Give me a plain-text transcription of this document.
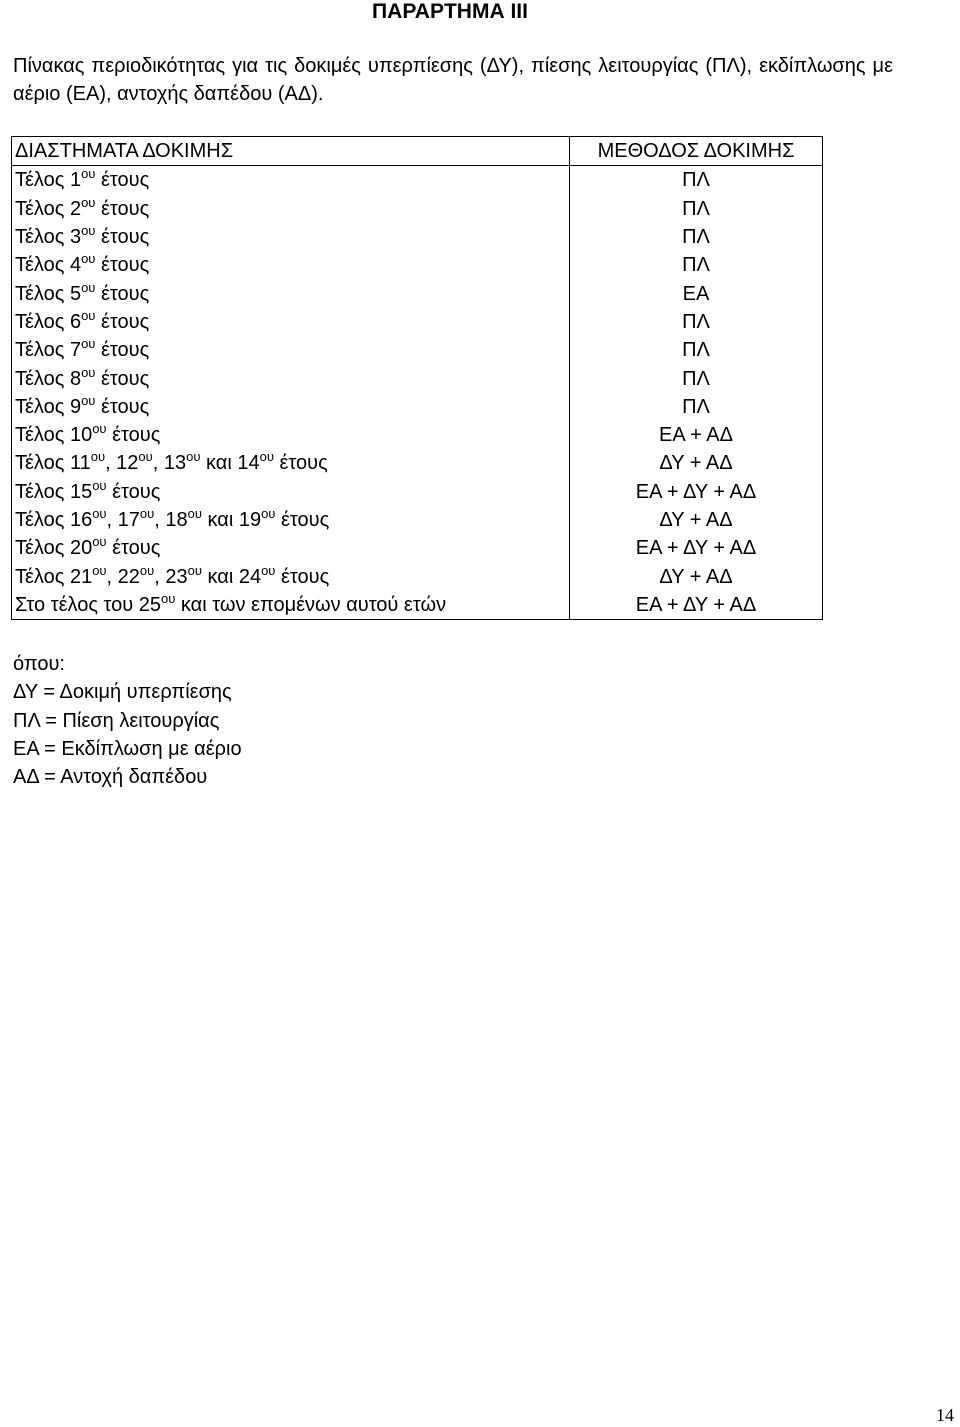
ΠΑΡΑΡΤΗΜΑ III
Πίνακας περιοδικότητας για τις δοκιμές υπερπίεσης (ΔΥ), πίεσης λειτουργίας (ΠΛ), εκδίπλωσης με αέριο (ΕΑ), αντοχής δαπέδου (ΑΔ).
ΔΙΑΣΤΗΜΑΤΑ ΔΟΚΙΜΗΣ	ΜΕΘΟΔΟΣ ΔΟΚΙΜΗΣ
Τέλος $1^{o\upsilon}$ έτους	ΠΛ
Τέλος $2^{o\upsilon}$ έτους	ΠΛ
Τέλος $3^{o\upsilon}$ έτους	ΠΛ
Τέλος $4^{o\upsilon}$ έτους	ΠΛ
Τέλος $5^{o\upsilon}$ έτους	ΕΑ
Τέλος $6^{o\upsilon}$ έτους	ΠΛ
Τέλος $7^{o\upsilon}$ έτους	ΠΛ
Τέλος $8^{o\upsilon}$ έτους	ΠΛ
Τέλος $9^{o\upsilon}$ έτους	ΠΛ
Τέλος $10^{o\upsilon}$ έτους	ΕΑ + ΑΔ
Τέλος $11^{o\upsilon}$, $12^{o\upsilon}$, $13^{o\upsilon}$ και $14^{o\upsilon}$ έτους	ΔΥ + ΑΔ
Τέλος $15^{o\upsilon}$ έτους	ΕΑ + ΔΥ + ΑΔ
Τέλος $16^{o\upsilon}$, $17^{o\upsilon}$, $18^{o\upsilon}$ και $19^{o\upsilon}$ έτους	ΔΥ + ΑΔ
Τέλος $20^{o\upsilon}$ έτους	ΕΑ + ΔΥ + ΑΔ
Τέλος $21^{o\upsilon}$, $22^{o\upsilon}$, $23^{o\upsilon}$ και $24^{o\upsilon}$ έτους	ΔΥ + ΑΔ
Στο τέλος του $25^{o\upsilon}$ και των επομένων αυτού ετών	ΕΑ + ΔΥ + ΑΔ
όπου:
ΔΥ = Δοκιμή υπερπίεσης
ΠΛ = Πίεση λειτουργίας
ΕΑ = Εκδίπλωση με αέριο
ΑΔ = Αντοχή δαπέδου
14
